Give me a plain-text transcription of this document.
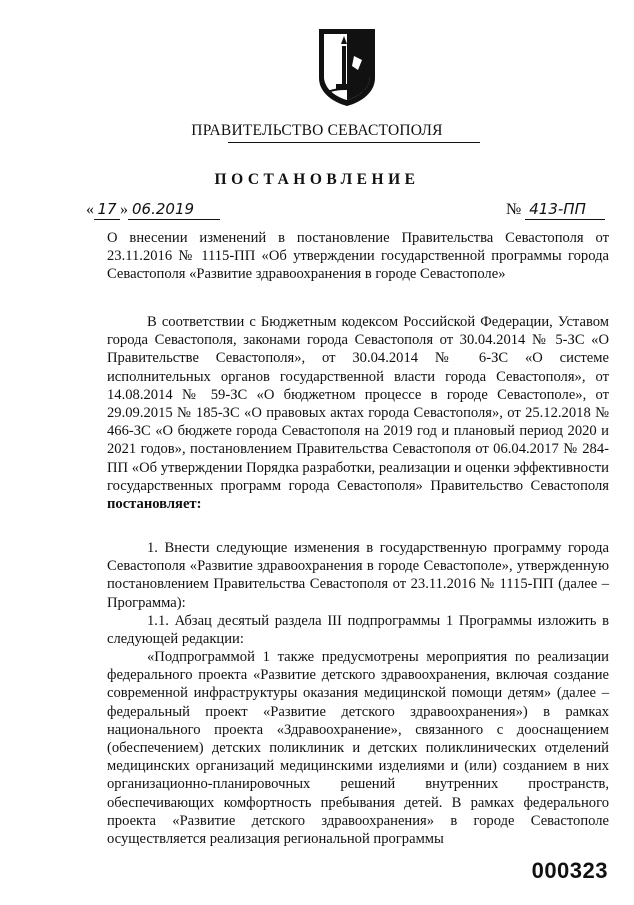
ПРАВИТЕЛЬСТВО СЕВАСТОПОЛЯ
ПОСТАНОВЛЕНИЕ
« 17 » 06.2019	№ 413-ПП

О внесении изменений в постановление Правительства Севастополя от 23.11.2016 № 1115-ПП «Об утверждении государственной программы города Севастополя «Развитие здравоохранения в городе Севастополе»

В соответствии с Бюджетным кодексом Российской Федерации, Уставом города Севастополя, законами города Севастополя от 30.04.2014 № 5-ЗС «О Правительстве Севастополя», от 30.04.2014 № 6-ЗС «О системе исполнительных органов государственной власти города Севастополя», от 14.08.2014 № 59-ЗС «О бюджетном процессе в городе Севастополе», от 29.09.2015 № 185-ЗС «О правовых актах города Севастополя», от 25.12.2018 № 466-ЗС «О бюджете города Севастополя на 2019 год и плановый период 2020 и 2021 годов», постановлением Правительства Севастополя от 06.04.2017 № 284-ПП «Об утверждении Порядка разработки, реализации и оценки эффективности государственных программ города Севастополя» Правительство Севастополя постановляет:

1. Внести следующие изменения в государственную программу города Севастополя «Развитие здравоохранения в городе Севастополе», утвержденную постановлением Правительства Севастополя от 23.11.2016 № 1115-ПП (далее – Программа):

1.1. Абзац десятый раздела III подпрограммы 1 Программы изложить в следующей редакции:

«Подпрограммой 1 также предусмотрены мероприятия по реализации федерального проекта «Развитие детского здравоохранения, включая создание современной инфраструктуры оказания медицинской помощи детям» (далее – федеральный проект «Развитие детского здравоохранения») в рамках национального проекта «Здравоохранение», связанного с дооснащением (обеспечением) детских поликлиник и детских поликлинических отделений медицинских организаций медицинскими изделиями и (или) созданием в них организационно-планировочных решений внутренних пространств, обеспечивающих комфортность пребывания детей. В рамках федерального проекта «Развитие детского здравоохранения» в городе Севастополе осуществляется реализация региональной программы

000323
